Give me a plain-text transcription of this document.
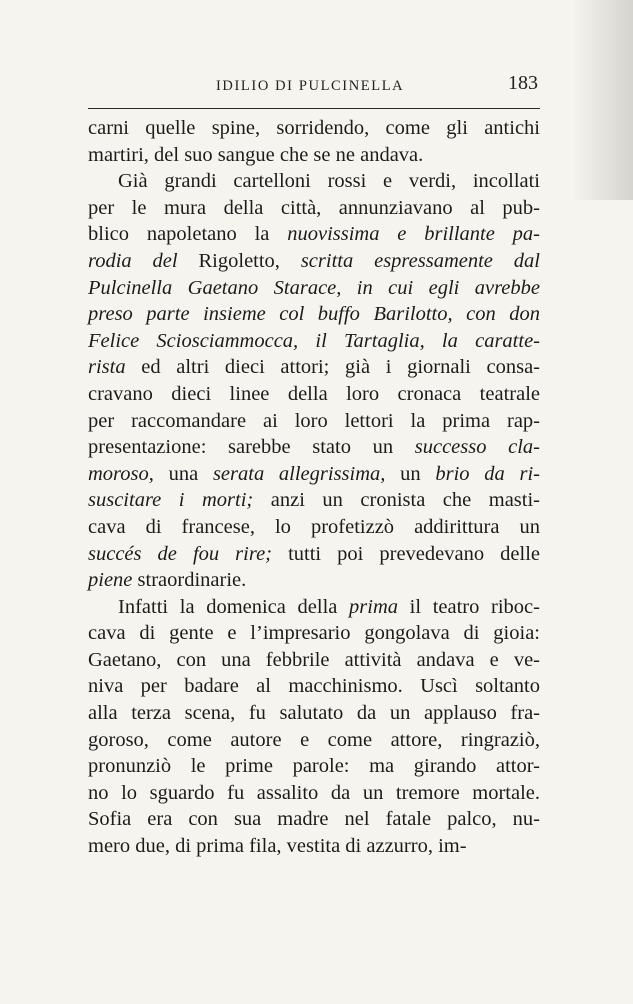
IDILIO DI PULCINELLA	183
carni quelle spine, sorridendo, come gli antichi
martiri, del suo sangue che se ne andava.
Già grandi cartelloni rossi e verdi, incollati
per le mura della città, annunziavano al pub-
blico napoletano la nuovissima e brillante pa-
rodia del Rigoletto, scritta espressamente dal
Pulcinella Gaetano Starace, in cui egli avrebbe
preso parte insieme col buffo Barilotto, con don
Felice Sciosciammocca, il Tartaglia, la caratte-
rista ed altri dieci attori; già i giornali consa-
cravano dieci linee della loro cronaca teatrale
per raccomandare ai loro lettori la prima rap-
presentazione: sarebbe stato un successo cla-
moroso, una serata allegrissima, un brio da ri-
suscitare i morti; anzi un cronista che masti-
cava di francese, lo profetizzò addirittura un
succés de fou rire; tutti poi prevedevano delle
piene straordinarie.
Infatti la domenica della prima il teatro riboc-
cava di gente e l’impresario gongolava di gioia:
Gaetano, con una febbrile attività andava e ve-
niva per badare al macchinismo. Uscì soltanto
alla terza scena, fu salutato da un applauso fra-
goroso, come autore e come attore, ringraziò,
pronunziò le prime parole: ma girando attor-
no lo sguardo fu assalito da un tremore mortale.
Sofia era con sua madre nel fatale palco, nu-
mero due, di prima fila, vestita di azzurro, im-
